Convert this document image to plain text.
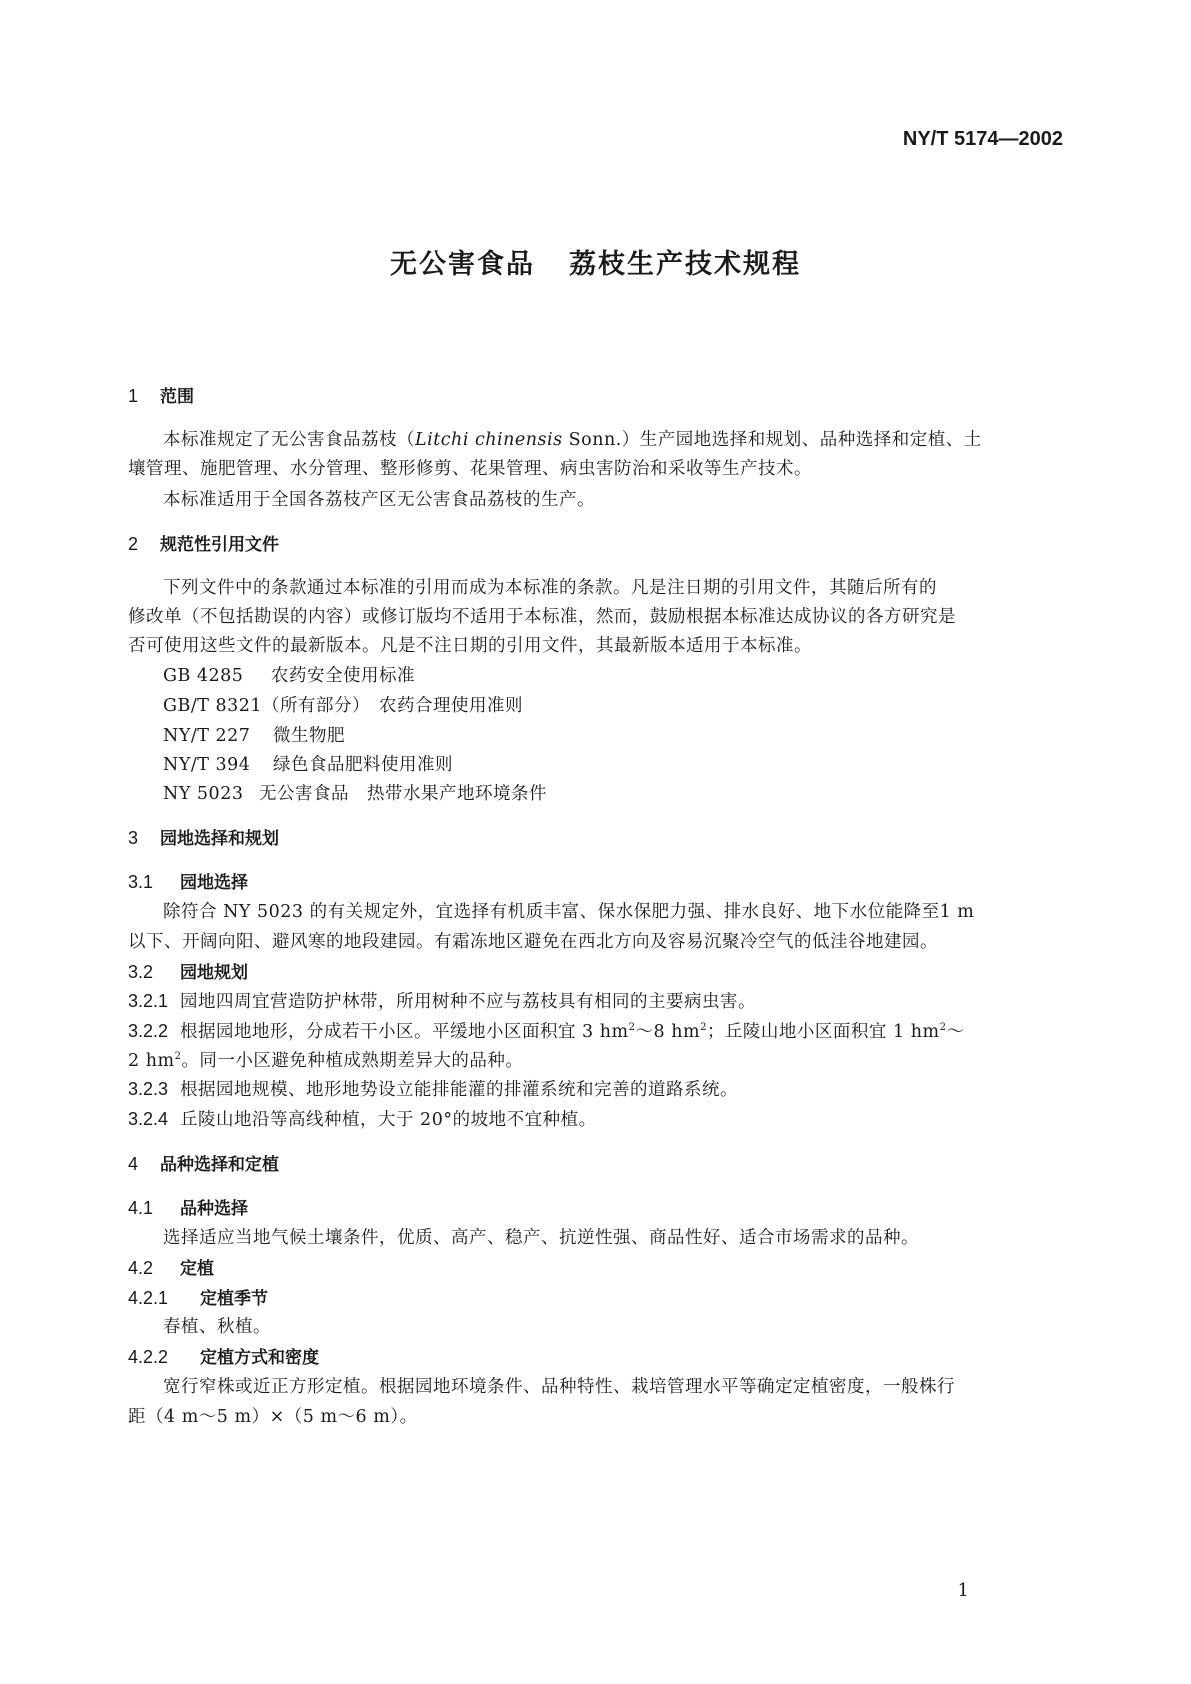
NY/T 5174—2002
无公害食品 荔枝生产技术规程
1 范围
本标准规定了无公害食品荔枝（Litchi chinensis Sonn.）生产园地选择和规划、品种选择和定植、土
壤管理、施肥管理、水分管理、整形修剪、花果管理、病虫害防治和采收等生产技术。
本标准适用于全国各荔枝产区无公害食品荔枝的生产。
2 规范性引用文件
下列文件中的条款通过本标准的引用而成为本标准的条款。凡是注日期的引用文件，其随后所有的
修改单（不包括勘误的内容）或修订版均不适用于本标准，然而，鼓励根据本标准达成协议的各方研究是
否可使用这些文件的最新版本。凡是不注日期的引用文件，其最新版本适用于本标准。
GB 4285 农药安全使用标准
GB/T 8321（所有部分） 农药合理使用准则
NY/T 227 微生物肥
NY/T 394 绿色食品肥料使用准则
NY 5023 无公害食品　热带水果产地环境条件
3 园地选择和规划
3.1 园地选择
除符合 NY 5023 的有关规定外，宜选择有机质丰富、保水保肥力强、排水良好、地下水位能降至1 m
以下、开阔向阳、避风寒的地段建园。有霜冻地区避免在西北方向及容易沉聚冷空气的低洼谷地建园。
3.2 园地规划
3.2.1 园地四周宜营造防护林带，所用树种不应与荔枝具有相同的主要病虫害。
3.2.2 根据园地地形，分成若干小区。平缓地小区面积宜 3 $hm^2\sim 8$ $hm^2$；丘陵山地小区面积宜 1 $hm^2\sim$
2 $hm^2$。同一小区避免种植成熟期差异大的品种。
3.2.3 根据园地规模、地形地势设立能排能灌的排灌系统和完善的道路系统。
3.2.4 丘陵山地沿等高线种植，大于 20°的坡地不宜种植。
4 品种选择和定植
4.1 品种选择
选择适应当地气候土壤条件，优质、高产、稳产、抗逆性强、商品性好、适合市场需求的品种。
4.2 定植
4.2.1 定植季节
春植、秋植。
4.2.2 定植方式和密度
宽行窄株或近正方形定植。根据园地环境条件、品种特性、栽培管理水平等确定定植密度，一般株行
距（4 m～5 m）×（5 m～6 m）。
1
